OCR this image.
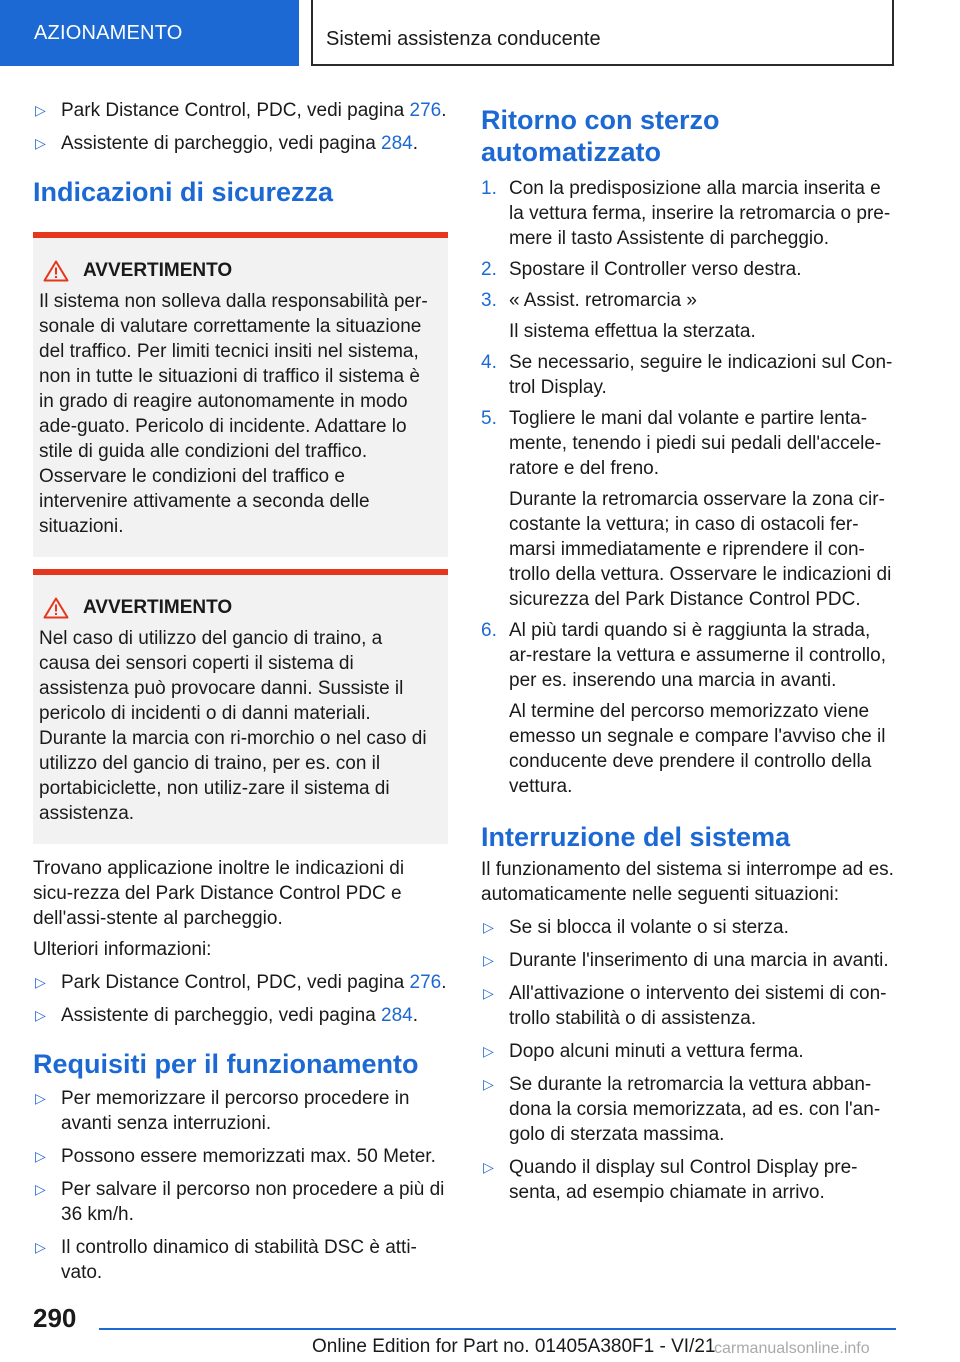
AZIONAMENTO	Sistemi assistenza conducente
▷ Park Distance Control, PDC, vedi pagina 276.
▷ Assistente di parcheggio, vedi pagina 284.
Indicazioni di sicurezza
AVVERTIMENTO
Il sistema non solleva dalla responsabilità per-sonale di valutare correttamente la situazione del traffico. Per limiti tecnici insiti nel sistema, non in tutte le situazioni di traffico il sistema è in grado di reagire autonomamente in modo ade-guato. Pericolo di incidente. Adattare lo stile di guida alle condizioni del traffico. Osservare le condizioni del traffico e intervenire attivamente a seconda delle situazioni.
AVVERTIMENTO
Nel caso di utilizzo del gancio di traino, a causa dei sensori coperti il sistema di assistenza può provocare danni. Sussiste il pericolo di incidenti o di danni materiali. Durante la marcia con ri-morchio o nel caso di utilizzo del gancio di traino, per es. con il portabiciclette, non utiliz-zare il sistema di assistenza.
Trovano applicazione inoltre le indicazioni di sicu-rezza del Park Distance Control PDC e dell'assi-stente al parcheggio.
Ulteriori informazioni:
▷ Park Distance Control, PDC, vedi pagina 276.
▷ Assistente di parcheggio, vedi pagina 284.
Requisiti per il funzionamento
▷ Per memorizzare il percorso procedere in avanti senza interruzioni.
▷ Possono essere memorizzati max. 50 Meter.
▷ Per salvare il percorso non procedere a più di 36 km/h.
▷ Il controllo dinamico di stabilità DSC è atti-vato.
Ritorno con sterzo automatizzato
1. Con la predisposizione alla marcia inserita e la vettura ferma, inserire la retromarcia o pre-mere il tasto Assistente di parcheggio.
2. Spostare il Controller verso destra.
3. « Assist. retromarcia »
Il sistema effettua la sterzata.
4. Se necessario, seguire le indicazioni sul Con-trol Display.
5. Togliere le mani dal volante e partire lenta-mente, tenendo i piedi sui pedali dell'accele-ratore e del freno.
Durante la retromarcia osservare la zona cir-costante la vettura; in caso di ostacoli fer-marsi immediatamente e riprendere il con-trollo della vettura. Osservare le indicazioni di sicurezza del Park Distance Control PDC.
6. Al più tardi quando si è raggiunta la strada, ar-restare la vettura e assumerne il controllo, per es. inserendo una marcia in avanti.
Al termine del percorso memorizzato viene emesso un segnale e compare l'avviso che il conducente deve prendere il controllo della vettura.
Interruzione del sistema
Il funzionamento del sistema si interrompe ad es. automaticamente nelle seguenti situazioni:
▷ Se si blocca il volante o si sterza.
▷ Durante l'inserimento di una marcia in avanti.
▷ All'attivazione o intervento dei sistemi di con-trollo stabilità o di assistenza.
▷ Dopo alcuni minuti a vettura ferma.
▷ Se durante la retromarcia la vettura abban-dona la corsia memorizzata, ad es. con l'an-golo di sterzata massima.
▷ Quando il display sul Control Display pre-senta, ad esempio chiamate in arrivo.
290
Online Edition for Part no. 01405A380F1 - VI/21
carmanualsonline.info
